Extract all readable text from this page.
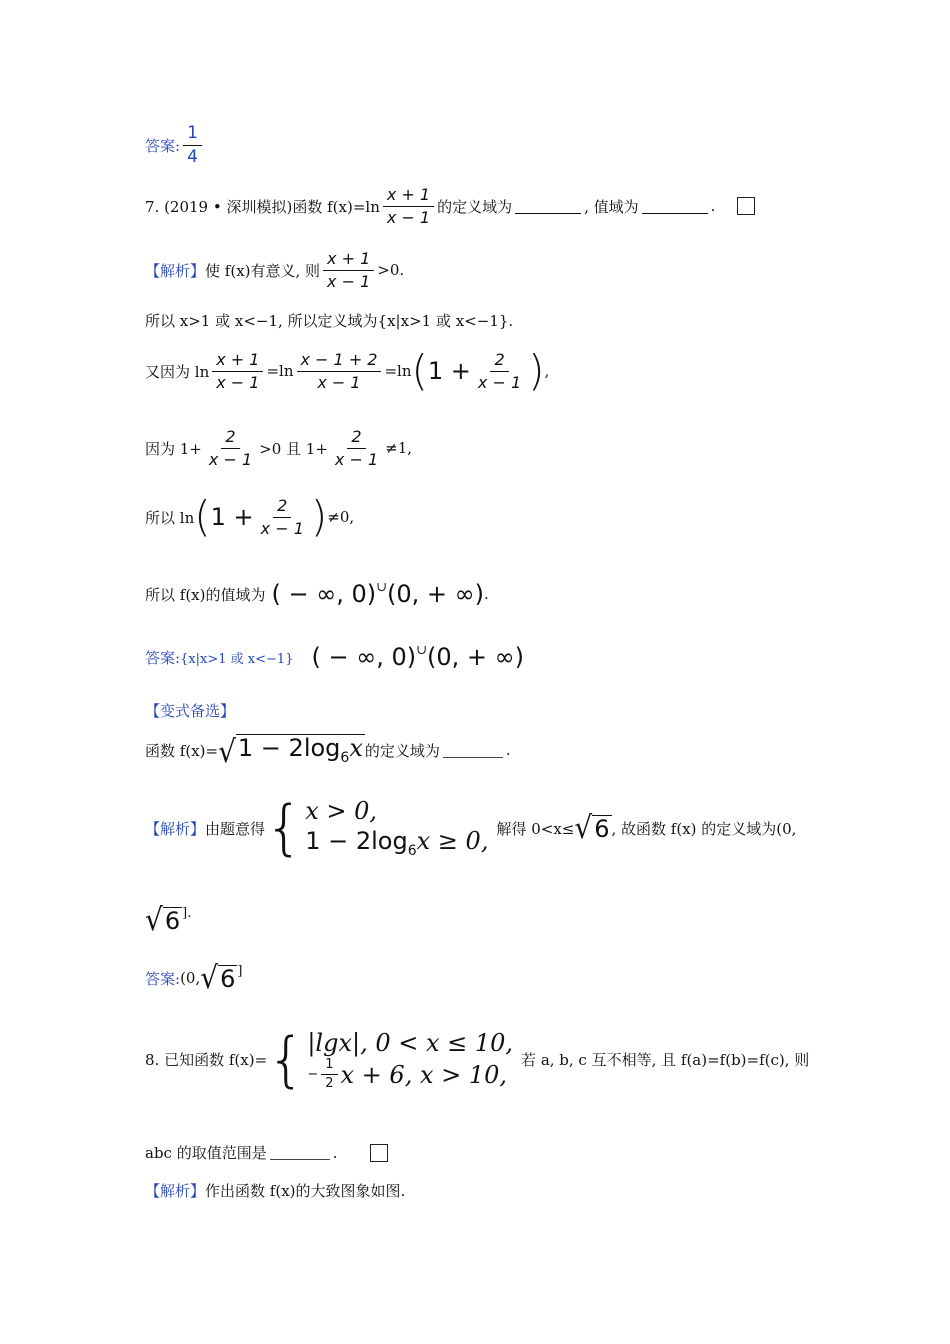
答案: $\frac{1}{4}$
7. (2019 • 深圳模拟)函数 $f(x)=\ln \frac{x + 1}{x - 1}$ 的定义域为	, 值域为	.
【解析】 使 f(x)有意义, 则 $\frac{x + 1}{x - 1} >0$.
所以 x>1 或 x<−1, 所以定义域为{x|x>1 或 x<−1}.
又因为 $\ln \frac{x + 1}{x - 1} =\ln \frac{x - 1 + 2}{x - 1} =\ln$ ( $1 + \frac{2}{x - 1}$ ) ,
因为 $1+ \frac{2}{x - 1} >0$ 且 $1+ \frac{2}{x - 1} \ne 1$,
所以 ln ( $1 + \frac{2}{x - 1}$ ) ≠0,
所以 f(x)的值域为 ( − ∞, 0) ∪ (0, + ∞) .
答案: {x|x>1 或 x<−1} ( − ∞, 0) ∪ (0, + ∞)
【变式备选】
函数 f(x)= √ $1 - 2\log_6x$ 的定义域为	.
【解析】 由题意得 { x > 0,
$1 - 2\log_6x \ge 0$, 解得 0<x≤ √ 6 , 故函数 f(x) 的定义域为(0,
√ 6 ].
答案: (0, √ 6 ]
8. 已知函数 f(x)= { |lgx|, 0 < x ≤ 10,
− $\frac{1}{2}$ x + 6, x > 10,
若 a, b, c 互不相等, 且 f(a)=f(b)=f(c), 则
abc 的取值范围是	.
【解析】 作出函数 f(x)的大致图象如图.
